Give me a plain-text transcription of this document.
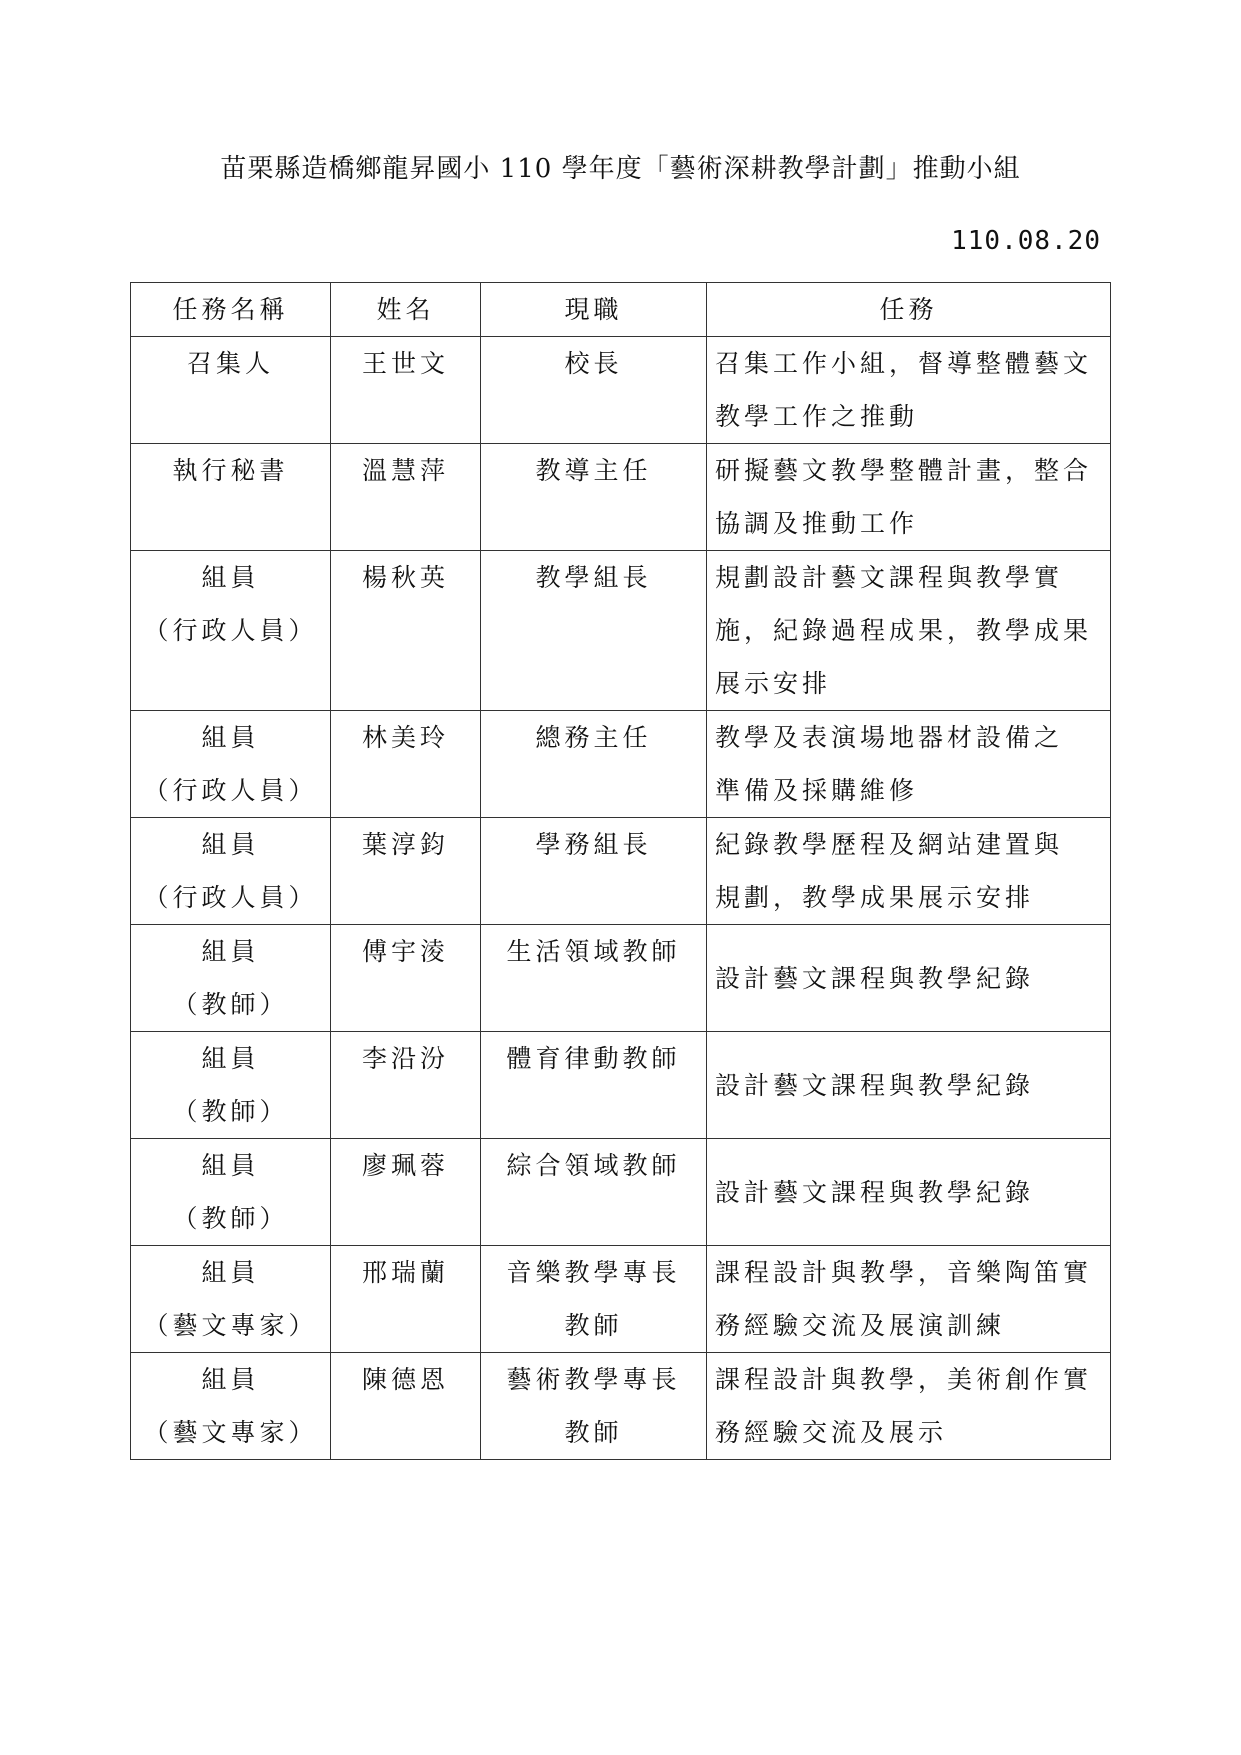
苗栗縣造橋鄉龍昇國小 110 學年度「藝術深耕教學計劃」推動小組
110.08.20
任務名稱	姓名	現職	任務

召集人	王世文	校長	召集工作小組，督導整體藝文
教學工作之推動

執行秘書	溫慧萍	教導主任	研擬藝文教學整體計畫，整合
協調及推動工作

組員
（行政人員）	楊秋英	教學組長	規劃設計藝文課程與教學實
施，紀錄過程成果，教學成果
展示安排

組員
（行政人員）	林美玲	總務主任	教學及表演場地器材設備之
準備及採購維修

組員
（行政人員）	葉淳鈞	學務組長	紀錄教學歷程及網站建置與
規劃，教學成果展示安排

組員
（教師）	傅宇淩	生活領域教師	設計藝文課程與教學紀錄

組員
（教師）	李沿汾	體育律動教師	設計藝文課程與教學紀錄

組員
（教師）	廖珮蓉	綜合領域教師	設計藝文課程與教學紀錄

組員
（藝文專家）	邢瑞蘭	音樂教學專長
教師	課程設計與教學，音樂陶笛實
務經驗交流及展演訓練

組員
（藝文專家）	陳德恩	藝術教學專長
教師	課程設計與教學，美術創作實
務經驗交流及展示
